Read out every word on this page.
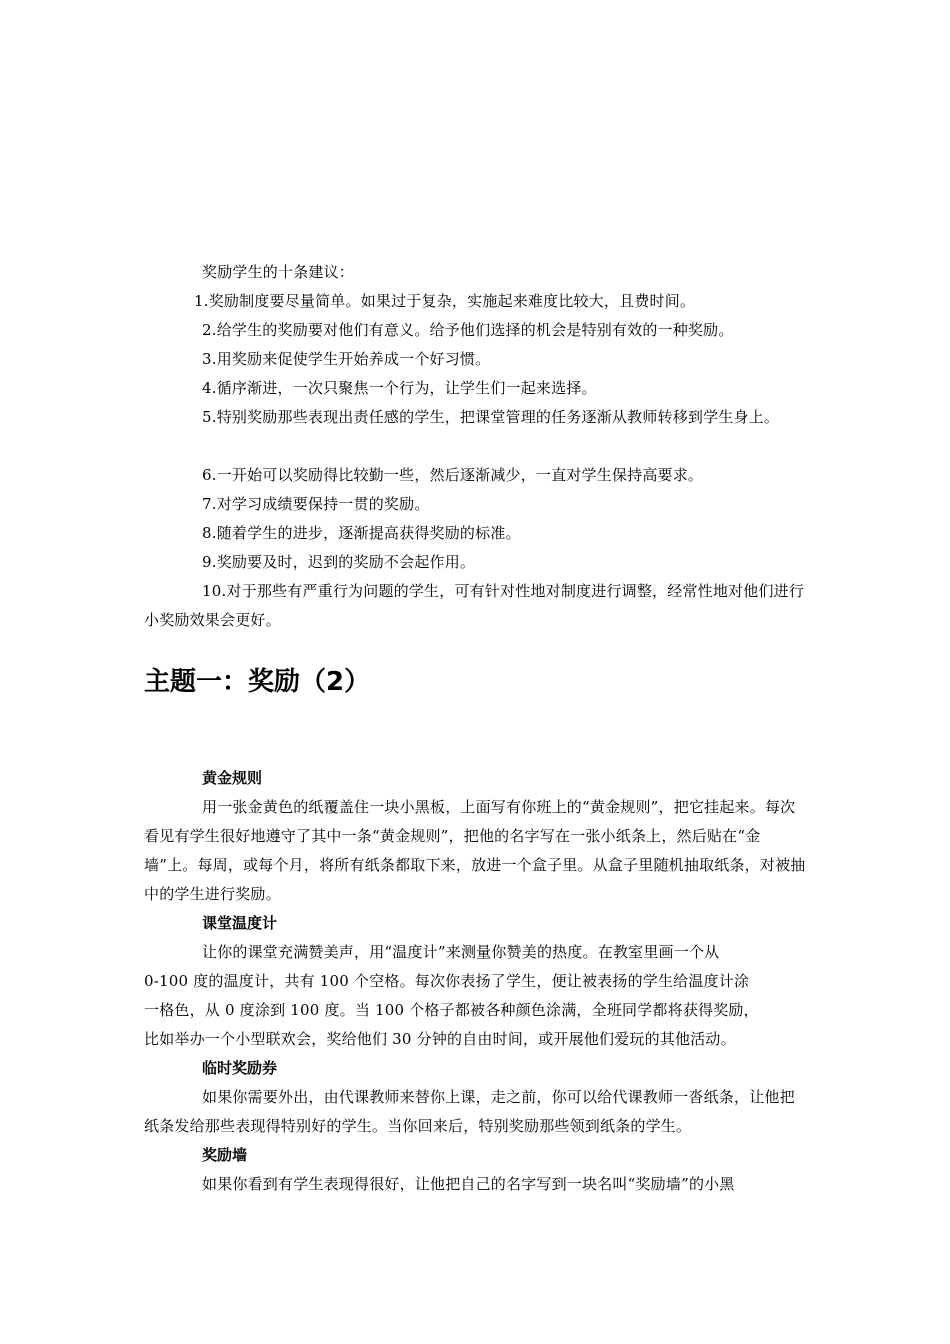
奖励学生的十条建议：
1.奖励制度要尽量简单。如果过于复杂，实施起来难度比较大，且费时间。
2.给学生的奖励要对他们有意义。给予他们选择的机会是特别有效的一种奖励。
3.用奖励来促使学生开始养成一个好习惯。
4.循序渐进，一次只聚焦一个行为，让学生们一起来选择。
5.特别奖励那些表现出责任感的学生，把课堂管理的任务逐渐从教师转移到学生身上。
6.一开始可以奖励得比较勤一些，然后逐渐减少，一直对学生保持高要求。
7.对学习成绩要保持一贯的奖励。
8.随着学生的进步，逐渐提高获得奖励的标准。
9.奖励要及时，迟到的奖励不会起作用。
10.对于那些有严重行为问题的学生，可有针对性地对制度进行调整，经常性地对他们进行小奖励效果会更好。
主题一：奖励（2）
黄金规则
用一张金黄色的纸覆盖住一块小黑板，上面写有你班上的“黄金规则”，把它挂起来。每次看见有学生很好地遵守了其中一条“黄金规则”，把他的名字写在一张小纸条上，然后贴在“金墙”上。每周，或每个月，将所有纸条都取下来，放进一个盒子里。从盒子里随机抽取纸条，对被抽中的学生进行奖励。
课堂温度计
让你的课堂充满赞美声，用“温度计”来测量你赞美的热度。在教室里画一个从
0-100 度的温度计，共有 100 个空格。每次你表扬了学生，便让被表扬的学生给温度计涂
一格色，从 0 度涂到 100 度。当 100 个格子都被各种颜色涂满，全班同学都将获得奖励，
比如举办一个小型联欢会，奖给他们 30 分钟的自由时间，或开展他们爱玩的其他活动。
临时奖励券
如果你需要外出，由代课教师来替你上课，走之前，你可以给代课教师一沓纸条，让他把纸条发给那些表现得特别好的学生。当你回来后，特别奖励那些领到纸条的学生。
奖励墙
如果你看到有学生表现得很好，让他把自己的名字写到一块名叫“奖励墙”的小黑
